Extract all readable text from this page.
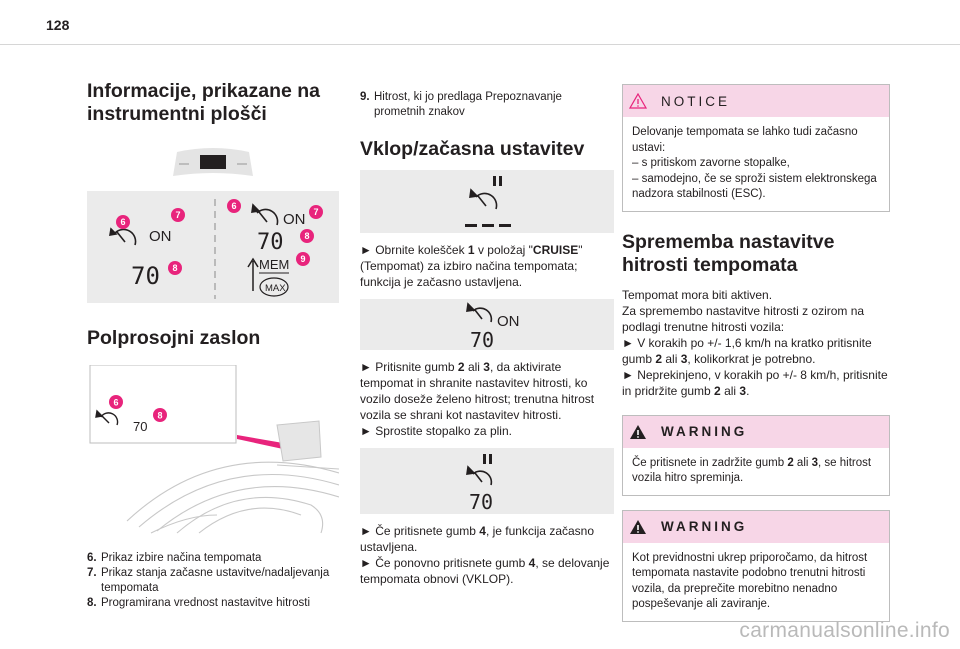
128
Informacije, prikazane na instrumentni plošči
ON
70
ON
70
MEM
MAX
6
7
8
6
7
8
9
Polprosojni zaslon
70
6
8
6. Prikaz izbire načina tempomata
7. Prikaz stanja začasne ustavitve/nadaljevanja tempomata
8. Programirana vrednost nastavitve hitrosti
9. Hitrost, ki jo predlaga Prepoznavanje prometnih znakov
Vklop/začasna ustavitev

► Obrnite kolešček 1 v položaj "CRUISE" (Tempomat) za izbiro načina tempomata; funkcija je začasno ustavljena.

ON
70

► Pritisnite gumb 2 ali 3, da aktivirate tempomat in shranite nastavitev hitrosti, ko vozilo doseže želeno hitrost; trenutna hitrost vozila se shrani kot nastavitev hitrosti.

► Sprostite stopalko za plin.

70

► Če pritisnete gumb 4, je funkcija začasno ustavljena.

► Če ponovno pritisnete gumb 4, se delovanje tempomata obnovi (VKLOP).

NOTICE
Delovanje tempomata se lahko tudi začasno ustavi:
– s pritiskom zavorne stopalke,
– samodejno, če se sproži sistem elektronskega nadzora stabilnosti (ESC).
Sprememba nastavitve hitrosti tempomata

Tempomat mora biti aktiven.

Za spremembo nastavitve hitrosti z ozirom na podlagi trenutne hitrosti vozila:

► V korakih po +/- 1,6 km/h na kratko pritisnite gumb 2 ali 3, kolikorkrat je potrebno.

► Neprekinjeno, v korakih po +/- 8 km/h, pritisnite in pridržite gumb 2 ali 3.

WARNING
Če pritisnete in zadržite gumb 2 ali 3, se hitrost vozila hitro spreminja.
WARNING
Kot previdnostni ukrep priporočamo, da hitrost tempomata nastavite podobno trenutni hitrosti vozila, da preprečite morebitno nenadno pospeševanje ali zaviranje.
carmanualsonline.info
